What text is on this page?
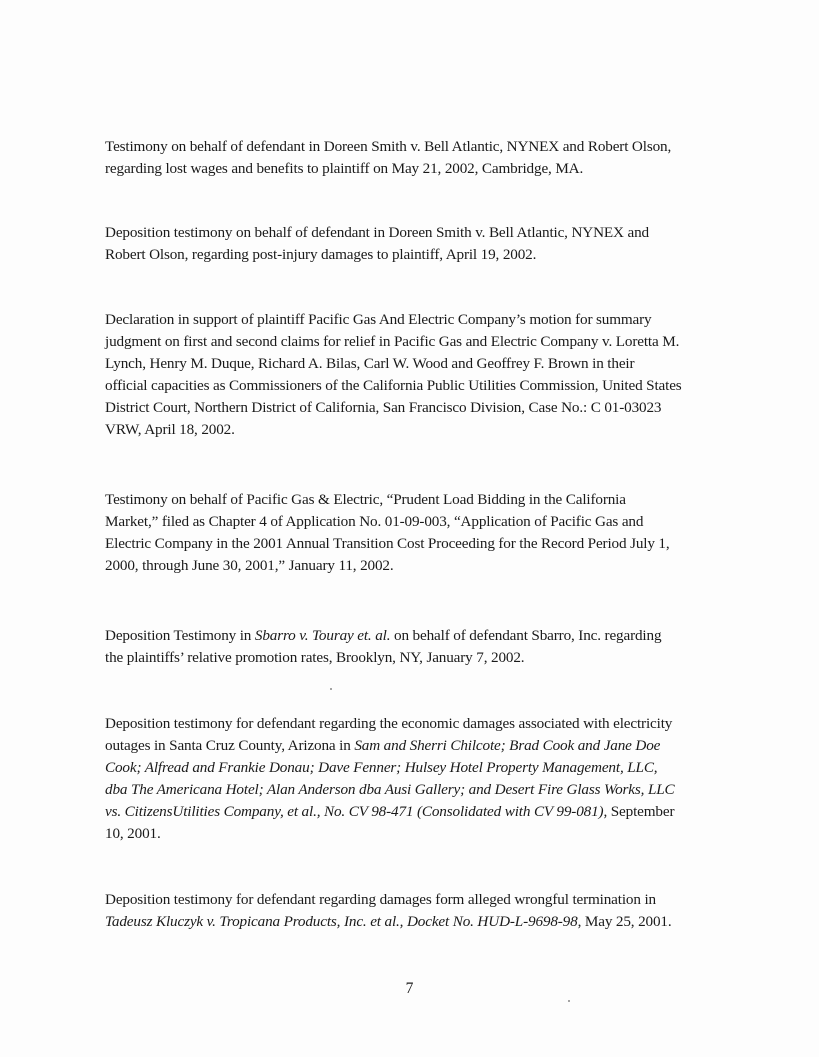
Testimony on behalf of defendant in Doreen Smith v. Bell Atlantic, NYNEX and Robert Olson,
regarding lost wages and benefits to plaintiff on May 21, 2002, Cambridge, MA.
Deposition testimony on behalf of defendant in Doreen Smith v. Bell Atlantic, NYNEX and
Robert Olson, regarding post-injury damages to plaintiff, April 19, 2002.
Declaration in support of plaintiff Pacific Gas And Electric Company’s motion for summary
judgment on first and second claims for relief in Pacific Gas and Electric Company v. Loretta M.
Lynch, Henry M. Duque, Richard A. Bilas, Carl W. Wood and Geoffrey F. Brown in their
official capacities as Commissioners of the California Public Utilities Commission, United States
District Court, Northern District of California, San Francisco Division, Case No.: C 01-03023
VRW, April 18, 2002.
Testimony on behalf of Pacific Gas & Electric, “Prudent Load Bidding in the California
Market,” filed as Chapter 4 of Application No. 01-09-003, “Application of Pacific Gas and
Electric Company in the 2001 Annual Transition Cost Proceeding for the Record Period July 1,
2000, through June 30, 2001,” January 11, 2002.
Deposition Testimony in Sbarro v. Touray et. al. on behalf of defendant Sbarro, Inc. regarding
the plaintiffs’ relative promotion rates, Brooklyn, NY, January 7, 2002.
Deposition testimony for defendant regarding the economic damages associated with electricity
outages in Santa Cruz County, Arizona in Sam and Sherri Chilcote; Brad Cook and Jane Doe
Cook; Alfread and Frankie Donau; Dave Fenner; Hulsey Hotel Property Management, LLC,
dba The Americana Hotel; Alan Anderson dba Ausi Gallery; and Desert Fire Glass Works, LLC
vs. CitizensUtilities Company, et al., No. CV 98-471 (Consolidated with CV 99-081), September
10, 2001.
Deposition testimony for defendant regarding damages form alleged wrongful termination in
Tadeusz Kluczyk v. Tropicana Products, Inc. et al., Docket No. HUD-L-9698-98, May 25, 2001.
7
